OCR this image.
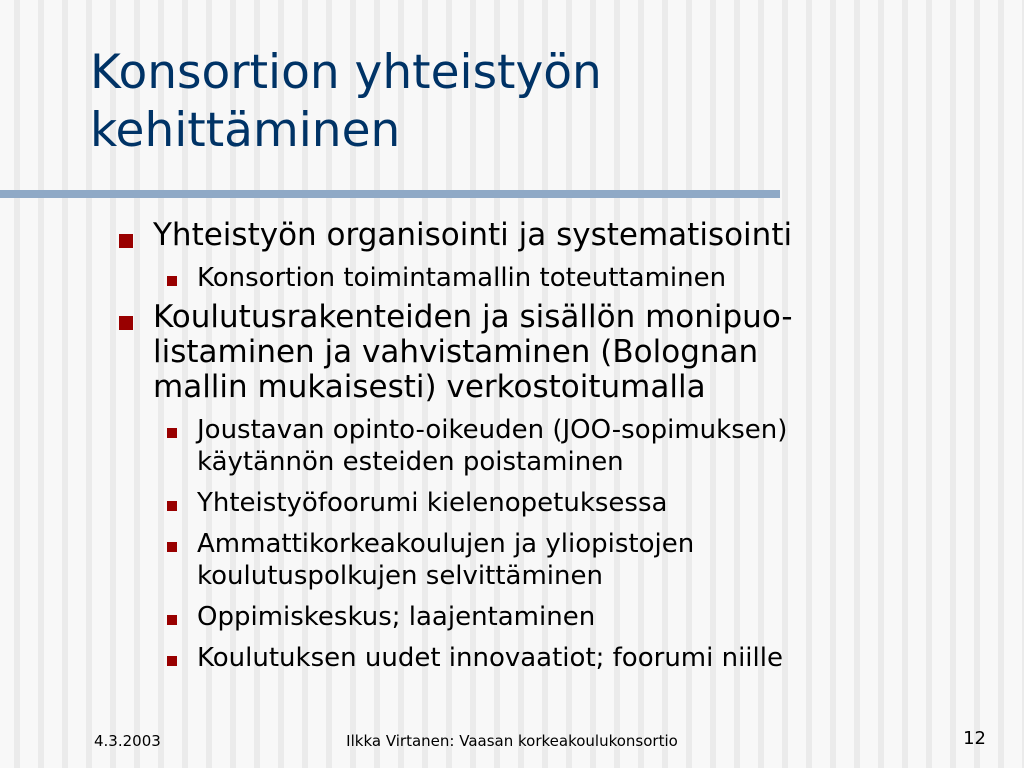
Konsortion yhteistyön
kehittäminen
Yhteistyön organisointi ja systematisointi
Konsortion toimintamallin toteuttaminen
Koulutusrakenteiden ja sisällön monipuo-
listaminen ja vahvistaminen (Bolognan
mallin mukaisesti) verkostoitumalla
Joustavan opinto-oikeuden (JOO-sopimuksen)
käytännön esteiden poistaminen
Yhteistyöfoorumi kielenopetuksessa
Ammattikorkeakoulujen ja yliopistojen
koulutuspolkujen selvittäminen
Oppimiskeskus; laajentaminen
Koulutuksen uudet innovaatiot; foorumi niille
4.3.2003	Ilkka Virtanen: Vaasan korkeakoulukonsortio	12
